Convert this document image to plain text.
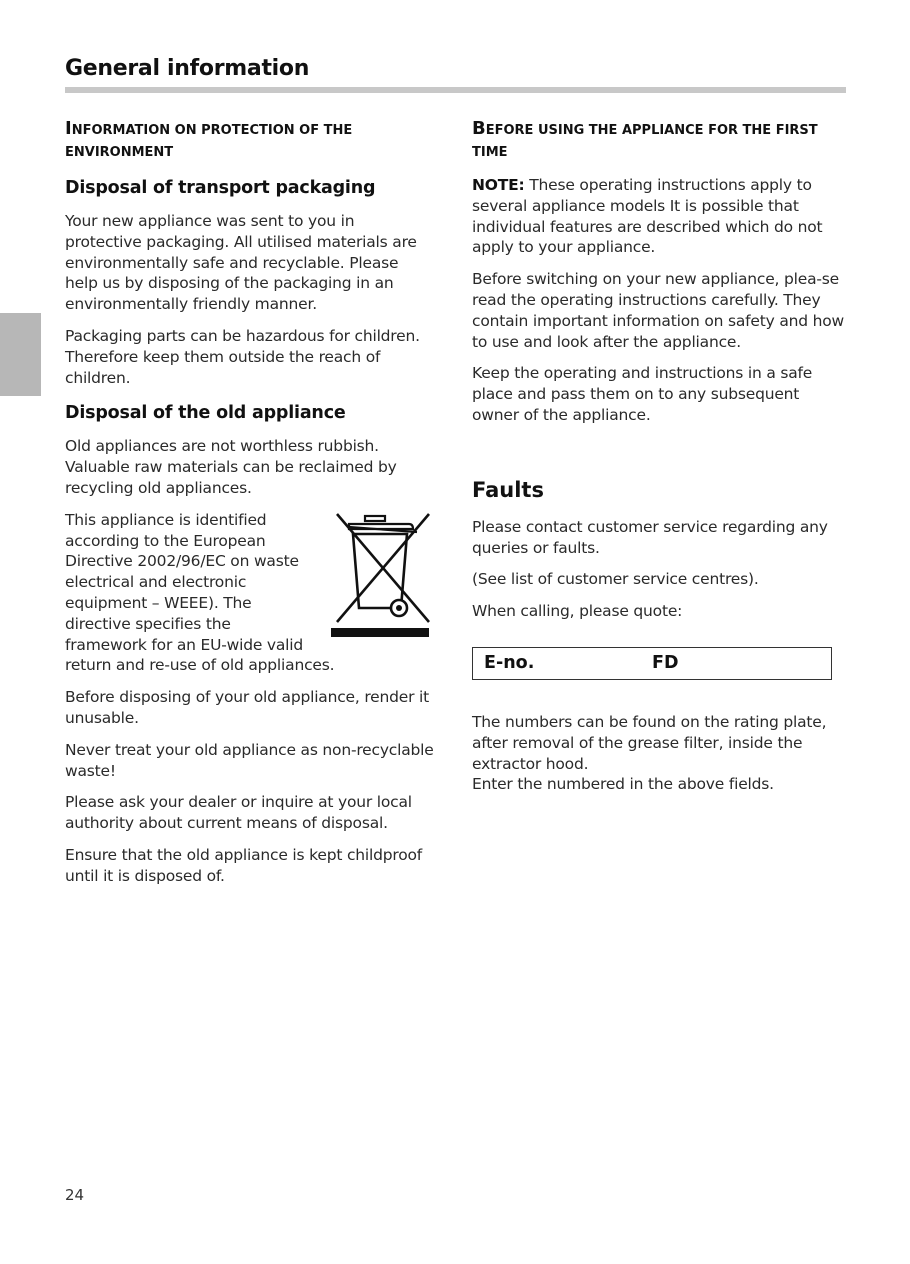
General information
INFORMATION ON PROTECTION OF THE ENVIRONMENT
Disposal of transport packaging

Your new appliance was sent to you in protective packaging. All utilised materials are environmentally safe and recyclable. Please help us by disposing of the packaging in an environmentally friendly manner.

Packaging parts can be hazardous for children. Therefore keep them outside the reach of children.

Disposal of the old appliance

Old appliances are not worthless rubbish. Valuable raw materials can be reclaimed by recycling old appliances.

This appliance is identified according to the European Directive 2002/96/EC on waste electrical and electronic equipment – WEEE). The directive specifies the framework for an EU-wide valid return and re-use of old appliances.

Before disposing of your old appliance, render it unusable.

Never treat your old appliance as non-recyclable waste!

Please ask your dealer or inquire at your local authority about current means of disposal.

Ensure that the old appliance is kept childproof until it is disposed of.

BEFORE USING THE APPLIANCE FOR THE FIRST TIME

NOTE: These operating instructions apply to several appliance models It is possible that individual features are described which do not apply to your appliance.

Before switching on your new appliance, plea-se read the operating instructions carefully. They contain important information on safety and how to use and look after the appliance.

Keep the operating and instructions in a safe place and pass them on to any subsequent owner of the appliance.

Faults

Please contact customer service regarding any queries or faults.

(See list of customer service centres).

When calling, please quote:

E-no.	FD

The numbers can be found on the rating plate, after removal of the grease filter, inside the extractor hood.

Enter the numbered in the above fields.

24
